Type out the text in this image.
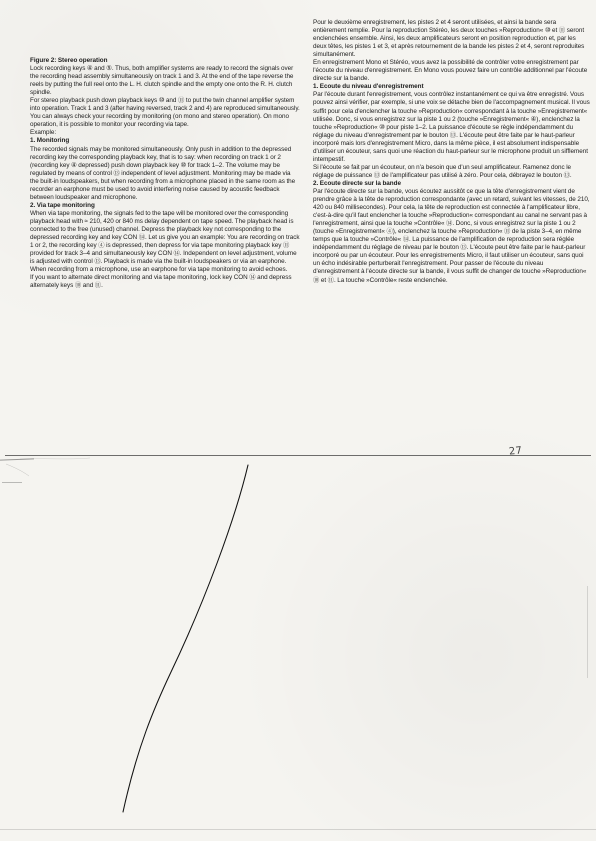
Figure 2: Stereo operation

Lock recording keys ④ and ⑤. Thus, both amplifier systems are ready to record the signals over the recording head assembly simultaneously on track 1 and 3. At the end of the tape reverse the reels by putting the full reel onto the L. H. clutch spindle and the empty one onto the R. H. clutch spindle.

For stereo playback push down playback keys ⑩ and ⑪ to put the twin channel amplifier system into operation. Track 1 and 3 (after having reversed, track 2 and 4) are reproduced simultaneously.

You can always check your recording by monitoring (on mono and stereo operation). On mono operation, it is possible to monitor your recording via tape.

Example:

1. Monitoring

The recorded signals may be monitored simultaneously. Only push in addition to the depressed recording key the corresponding playback key, that is to say: when recording on track 1 or 2 (recording key ④ depressed) push down playback key ⑩ for track 1–2. The volume may be regulated by means of control ⑬ independent of level adjustment. Monitoring may be made via the built-in loudspeakers, but when recording from a microphone placed in the same room as the recorder an earphone must be used to avoid interfering noise caused by acoustic feedback between loudspeaker and microphone.

2. Via tape monitoring

When via tape monitoring, the signals fed to the tape will be monitored over the corresponding playback head with ≈ 210, 420 or 840 ms delay dependent on tape speed. The playback head is connected to the free (unused) channel. Depress the playback key not corresponding to the depressed recording key and key CON ⑭. Let us give you an example: You are recording on track 1 or 2, the recording key ④ is depressed, then depress for via tape monitoring playback key ⑪ provided for track 3–4 and simultaneously key CON ⑭. Independent on level adjustment, volume is adjusted with control ⑬. Playback is made via the built-in loudspeakers or via an earphone. When recording from a microphone, use an earphone for via tape monitoring to avoid echoes.

If you want to alternate direct monitoring and via tape monitoring, lock key CON ⑭ and depress alternately keys ⑩ and ⑪.

Pour le deuxième enregistrement, les pistes 2 et 4 seront utilisées, et ainsi la bande sera entièrement remplie. Pour la reproduction Stéréo, les deux touches »Reproduction« ⑩ et ⑪ seront enclenchées ensemble. Ainsi, les deux amplificateurs seront en position reproduction et, par les deux têtes, les pistes 1 et 3, et après retournement de la bande les pistes 2 et 4, seront reproduites simultanément.

En enregistrement Mono et Stéréo, vous avez la possibilité de contrôler votre enregistrement par l'écoute du niveau d'enregistrement. En Mono vous pouvez faire un contrôle additionnel par l'écoute directe sur la bande.

1. Ecoute du niveau d'enregistrement

Par l'écoute durant l'enregistrement, vous contrôlez instantanément ce qui va être enregistré. Vous pouvez ainsi vérifier, par exemple, si une voix se détache bien de l'accompagnement musical. Il vous suffit pour cela d'enclencher la touche »Reproduction« correspondant à la touche »Enregistrement« utilisée. Donc, si vous enregistrez sur la piste 1 ou 2 (touche »Enregistrement« ④), enclenchez la touche »Reproduction« ⑩ pour piste 1–2. La puissance d'écoute se règle indépendamment du réglage du niveau d'enregistrement par le bouton ⑬. L'écoute peut être faite par le haut-parleur incorporé mais lors d'enregistrement Micro, dans la même pièce, il est absolument indispensable d'utiliser un écouteur, sans quoi une réaction du haut-parleur sur le microphone produit un sifflement intempestif.

Si l'écoute se fait par un écouteur, on n'a besoin que d'un seul amplificateur. Ramenez donc le réglage de puissance ⑬ de l'amplificateur pas utilisé à zéro. Pour cela, débrayez le bouton ⑬.

2. Ecoute directe sur la bande

Par l'écoute directe sur la bande, vous écoutez aussitôt ce que la tête d'enregistrement vient de prendre grâce à la tête de reproduction correspondante (avec un retard, suivant les vitesses, de 210, 420 ou 840 millisecondes). Pour cela, la tête de reproduction est connectée à l'amplificateur libre, c'est-à-dire qu'il faut enclencher la touche »Reproduction« correspondant au canal ne servant pas à l'enregistrement, ainsi que la touche »Contrôle« ⑭. Donc, si vous enregistrez sur la piste 1 ou 2 (touche »Enregistrement« ④), enclenchez la touche »Reproduction« ⑪ de la piste 3–4, en même temps que la touche »Contrôle« ⑭. La puissance de l'amplification de reproduction sera réglée indépendamment du réglage de niveau par le bouton ⑬. L'écoute peut être faite par le haut-parleur incorporé ou par un écouteur. Pour les enregistrements Micro, il faut utiliser un écouteur, sans quoi un écho indésirable perturberait l'enregistrement. Pour passer de l'écoute du niveau d'enregistrement à l'écoute directe sur la bande, il vous suffit de changer de touche »Reproduction« ⑩ et ⑪. La touche »Contrôle« reste enclenchée.

27
